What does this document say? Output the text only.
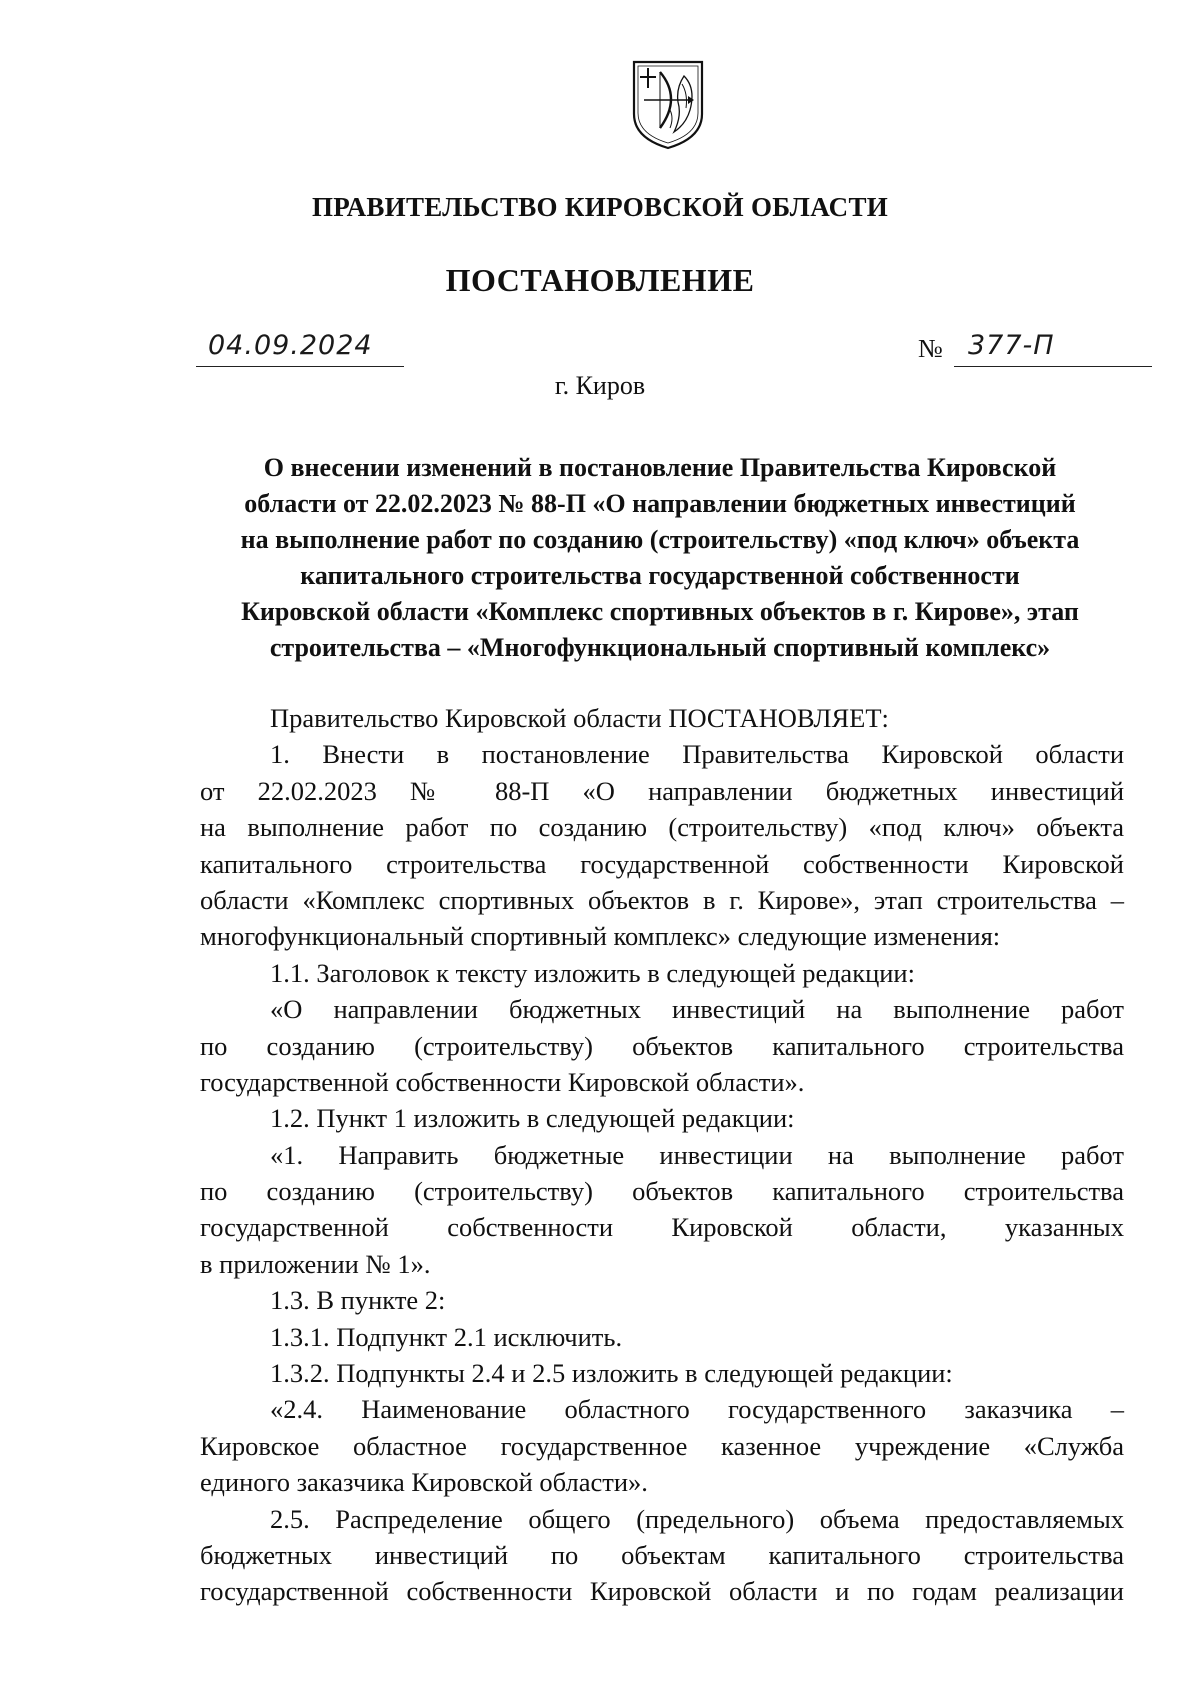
ПРАВИТЕЛЬСТВО КИРОВСКОЙ ОБЛАСТИ
ПОСТАНОВЛЕНИЕ
04.09.2024	№ 377-П
г. Киров
О внесении изменений в постановление Правительства Кировской
области от 22.02.2023 № 88-П «О направлении бюджетных инвестиций
на выполнение работ по созданию (строительству) «под ключ» объекта
капитального строительства государственной собственности
Кировской области «Комплекс спортивных объектов в г. Кирове», этап
строительства – «Многофункциональный спортивный комплекс»
Правительство Кировской области ПОСТАНОВЛЯЕТ:
1. Внести в постановление Правительства Кировской области
от 22.02.2023 № 88-П «О направлении бюджетных инвестиций
на выполнение работ по созданию (строительству) «под ключ» объекта
капитального строительства государственной собственности Кировской
области «Комплекс спортивных объектов в г. Кирове», этап строительства –
многофункциональный спортивный комплекс» следующие изменения:
1.1. Заголовок к тексту изложить в следующей редакции:
«О направлении бюджетных инвестиций на выполнение работ
по созданию (строительству) объектов капитального строительства
государственной собственности Кировской области».
1.2. Пункт 1 изложить в следующей редакции:
«1. Направить бюджетные инвестиции на выполнение работ
по созданию (строительству) объектов капитального строительства
государственной собственности Кировской области, указанных
в приложении № 1».
1.3. В пункте 2:
1.3.1. Подпункт 2.1 исключить.
1.3.2. Подпункты 2.4 и 2.5 изложить в следующей редакции:
«2.4. Наименование областного государственного заказчика –
Кировское областное государственное казенное учреждение «Служба
единого заказчика Кировской области».
2.5. Распределение общего (предельного) объема предоставляемых
бюджетных инвестиций по объектам капитального строительства
государственной собственности Кировской области и по годам реализации
